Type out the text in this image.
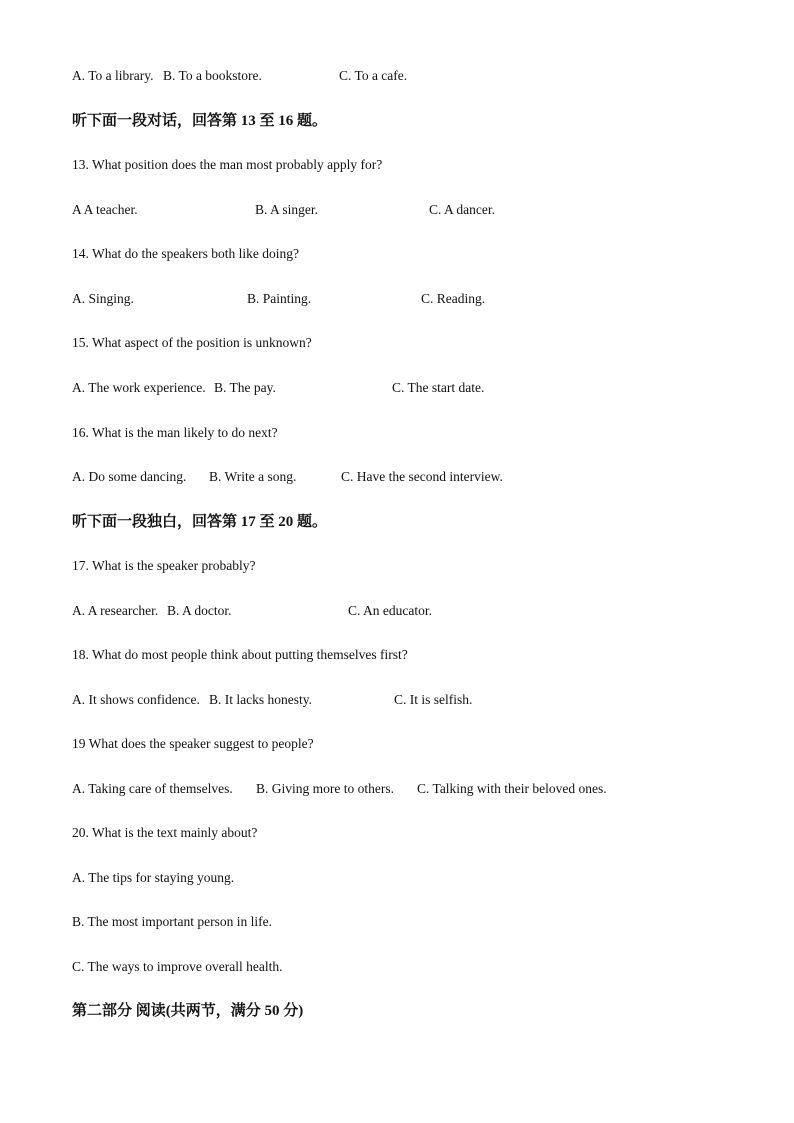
A. To a library. B. To a bookstore.	C. To a cafe.
听下面一段对话，回答第 13 至 16 题。
13. What position does the man most probably apply for?
A A teacher.	B. A singer.	C. A dancer.
14. What do the speakers both like doing?
A. Singing.	B. Painting.	C. Reading.
15. What aspect of the position is unknown?
A. The work experience. B. The pay.	C. The start date.
16. What is the man likely to do next?
A. Do some dancing. B. Write a song.	C. Have the second interview.
听下面一段独白，回答第 17 至 20 题。
17. What is the speaker probably?
A. A researcher. B. A doctor.	C. An educator.
18. What do most people think about putting themselves first?
A. It shows confidence. B. It lacks honesty.	C. It is selfish.
19 What does the speaker suggest to people?
A. Taking care of themselves. B. Giving more to others. C. Talking with their beloved ones.
20. What is the text mainly about?
A. The tips for staying young.
B. The most important person in life.
C. The ways to improve overall health.
第二部分 阅读(共两节，满分 50 分)
